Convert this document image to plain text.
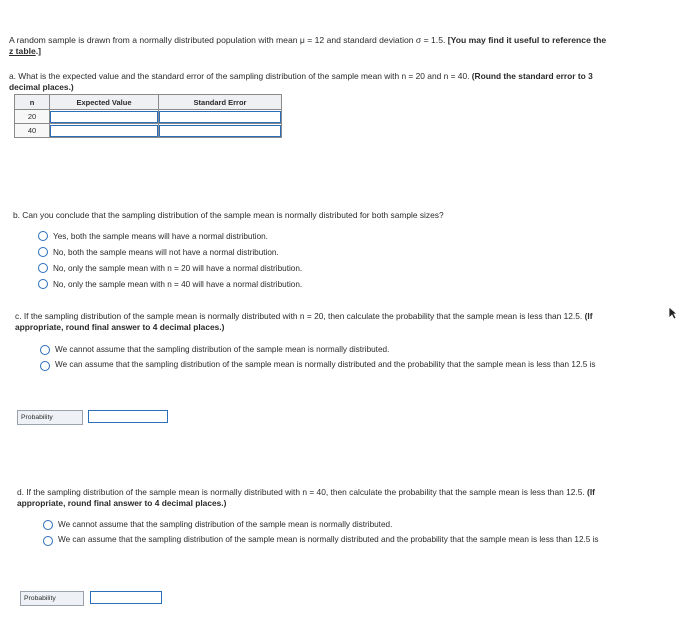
A random sample is drawn from a normally distributed population with mean μ = 12 and standard deviation σ = 1.5. [You may find it useful to reference the z table.]
a. What is the expected value and the standard error of the sampling distribution of the sample mean with n = 20 and n = 40. (Round the standard error to 3 decimal places.)
n	Expected Value	Standard Error
20	

40	

b. Can you conclude that the sampling distribution of the sample mean is normally distributed for both sample sizes?
Yes, both the sample means will have a normal distribution.
No, both the sample means will not have a normal distribution.
No, only the sample mean with n = 20 will have a normal distribution.
No, only the sample mean with n = 40 will have a normal distribution.
c. If the sampling distribution of the sample mean is normally distributed with n = 20, then calculate the probability that the sample mean is less than 12.5. (If appropriate, round final answer to 4 decimal places.)
We cannot assume that the sampling distribution of the sample mean is normally distributed.
We can assume that the sampling distribution of the sample mean is normally distributed and the probability that the sample mean is less than 12.5 is
Probability
d. If the sampling distribution of the sample mean is normally distributed with n = 40, then calculate the probability that the sample mean is less than 12.5. (If appropriate, round final answer to 4 decimal places.)
We cannot assume that the sampling distribution of the sample mean is normally distributed.
We can assume that the sampling distribution of the sample mean is normally distributed and the probability that the sample mean is less than 12.5 is
Probability
